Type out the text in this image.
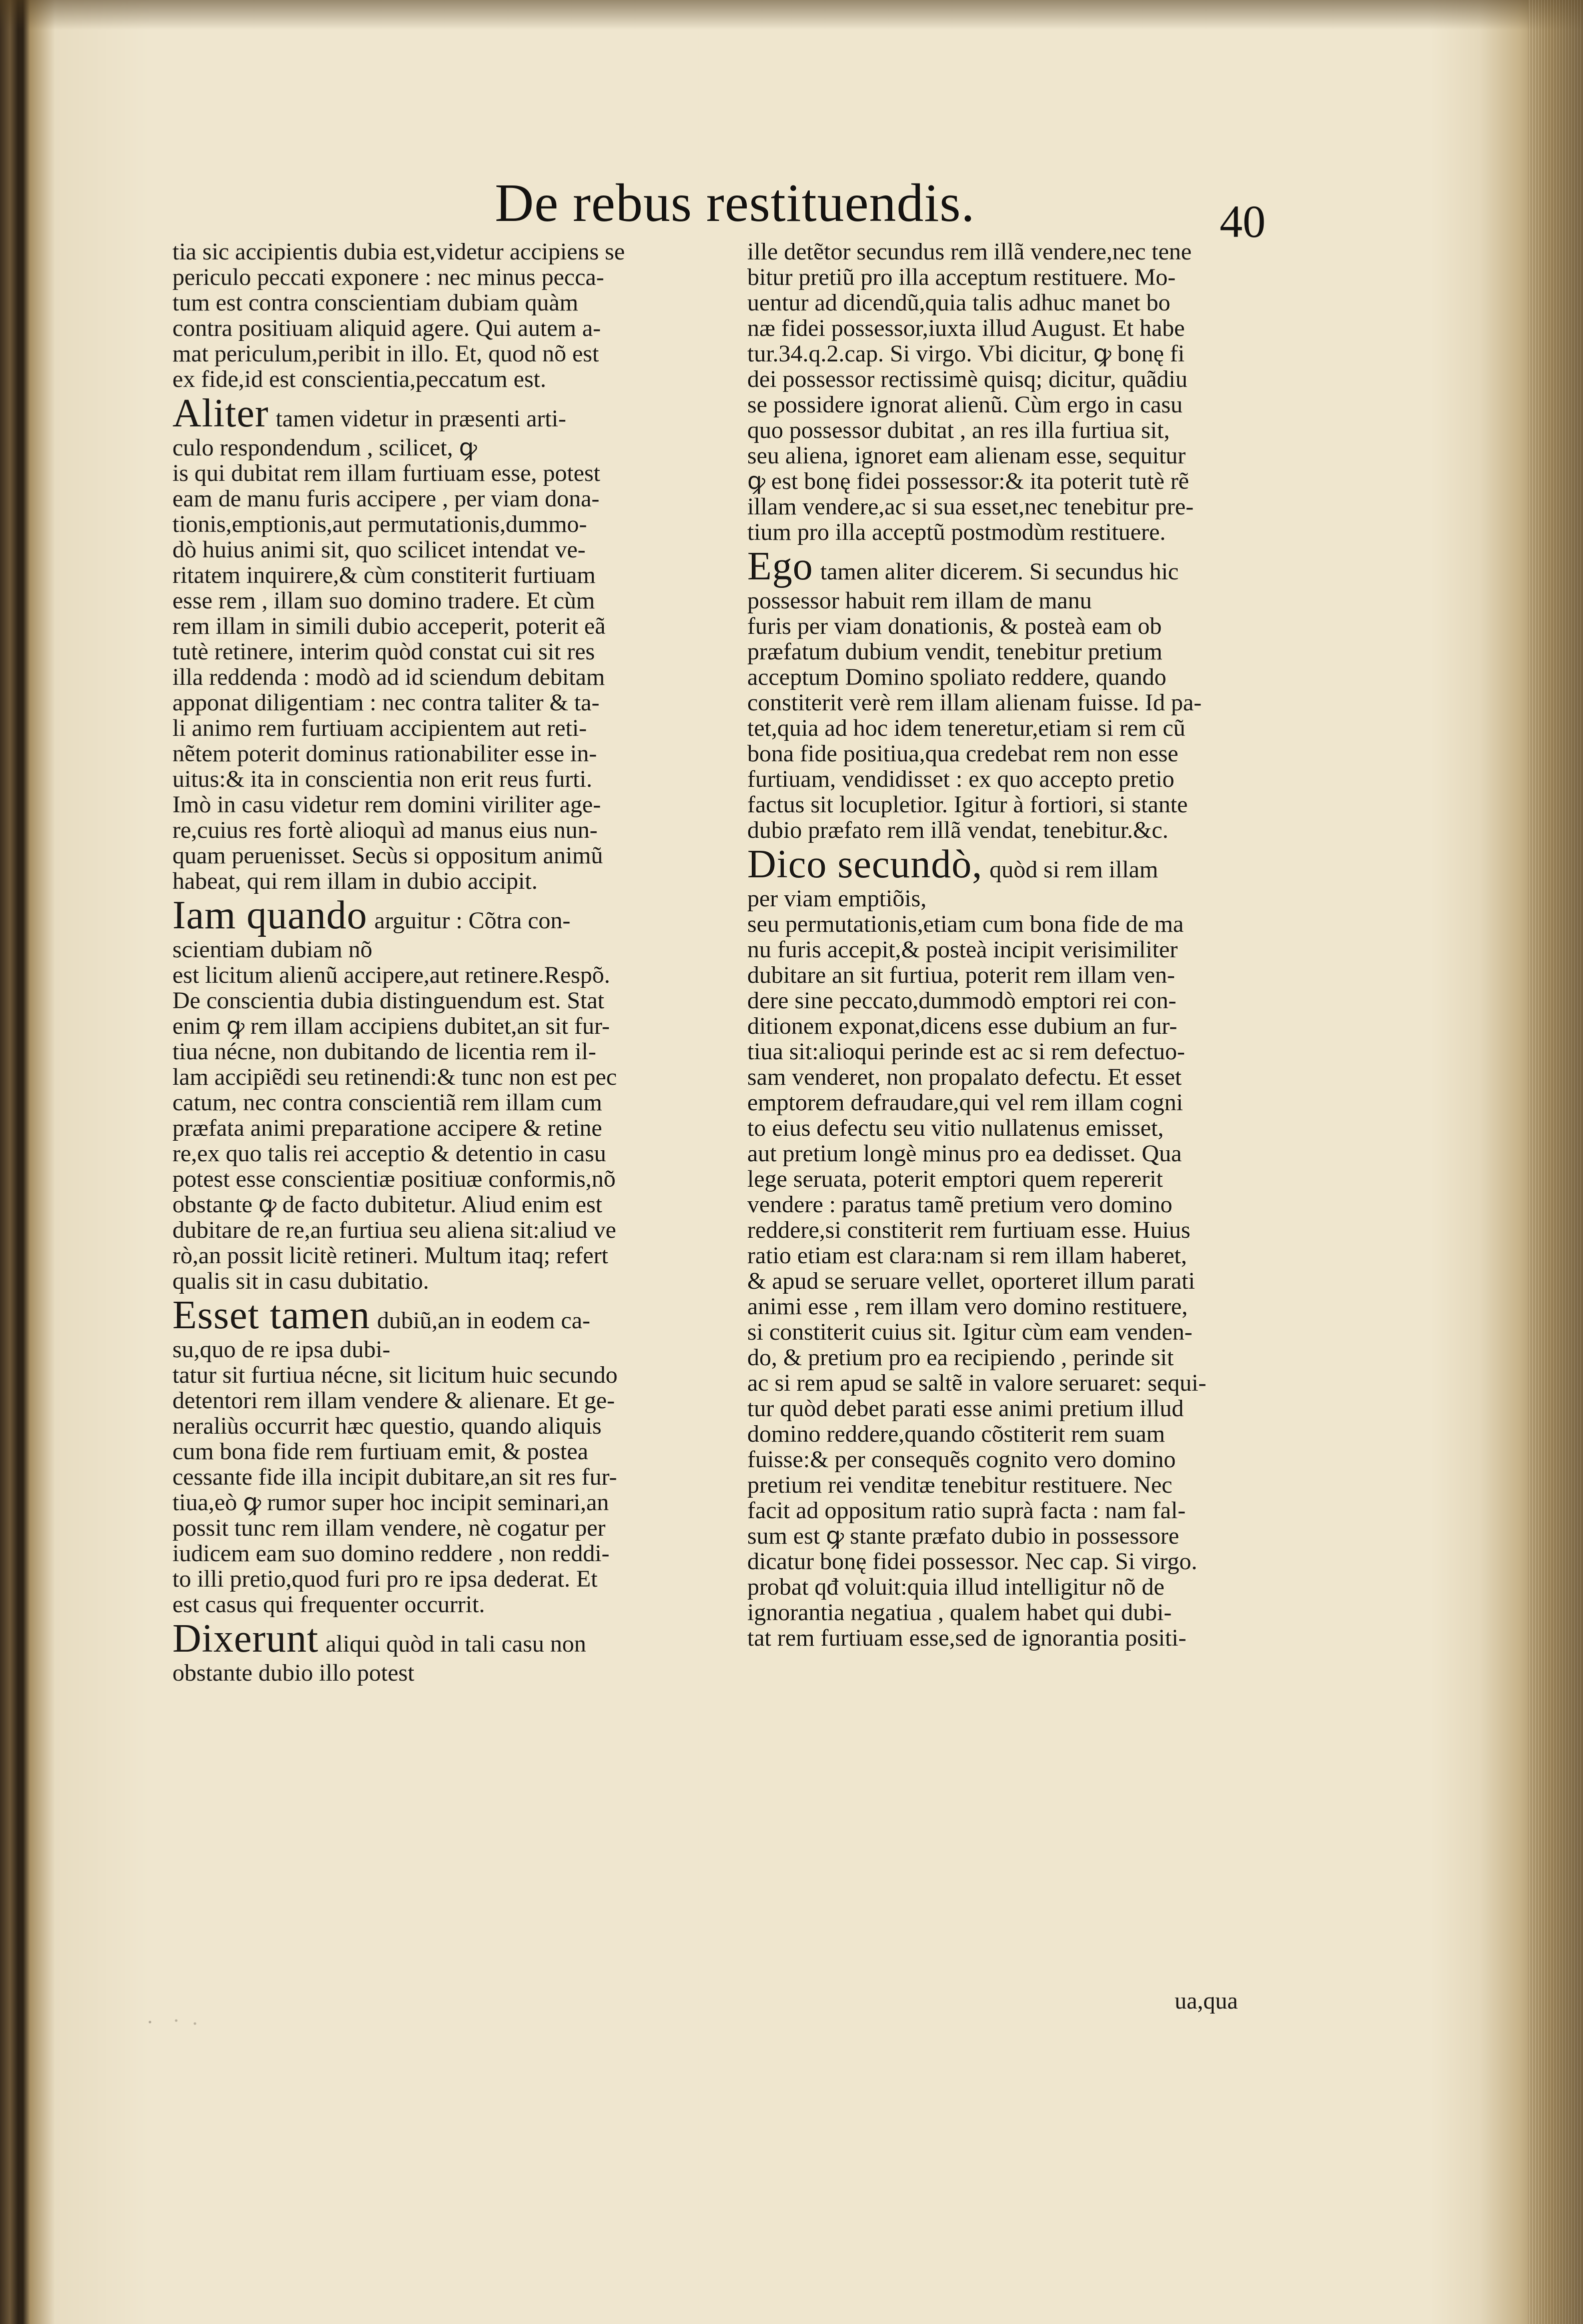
De rebus restituendis.	40
tia sic accipientis dubia est,videtur accipiens se
periculo peccati exponere : nec minus pecca-
tum est contra conscientiam dubiam quàm
contra positiuam aliquid agere. Qui autem a-
mat periculum,peribit in illo. Et, quod nõ est
ex fide,id est conscientia,peccatum est.
Aliter tamen videtur in præsenti arti-
culo respondendum , scilicet, ꝙ
is qui dubitat rem illam furtiuam esse, potest
eam de manu furis accipere , per viam dona-
tionis,emptionis,aut permutationis,dummo-
dò huius animi sit, quo scilicet intendat ve-
ritatem inquirere,& cùm constiterit furtiuam
esse rem , illam suo domino tradere. Et cùm
rem illam in simili dubio acceperit, poterit eã
tutè retinere, interim quòd constat cui sit res
illa reddenda : modò ad id sciendum debitam
apponat diligentiam : nec contra taliter & ta-
li animo rem furtiuam accipientem aut reti-
nẽtem poterit dominus rationabiliter esse in-
uitus:& ita in conscientia non erit reus furti.
Imò in casu videtur rem domini viriliter age-
re,cuius res fortè alioquì ad manus eius nun-
quam peruenisset. Secùs si oppositum animũ
habeat, qui rem illam in dubio accipit.
Iam quando arguitur : Cõtra con-
scientiam dubiam nõ
est licitum alienũ accipere,aut retinere.Respõ.
De conscientia dubia distinguendum est. Stat
enim ꝙ rem illam accipiens dubitet,an sit fur-
tiua nécne, non dubitando de licentia rem il-
lam accipiẽdi seu retinendi:& tunc non est pec
catum, nec contra conscientiã rem illam cum
præfata animi preparatione accipere & retine
re,ex quo talis rei acceptio & detentio in casu
potest esse conscientiæ positiuæ conformis,nõ
obstante ꝙ de facto dubitetur. Aliud enim est
dubitare de re,an furtiua seu aliena sit:aliud ve
rò,an possit licitè retineri. Multum itaq; refert
qualis sit in casu dubitatio.
Esset tamen dubiũ,an in eodem ca-
su,quo de re ipsa dubi-
tatur sit furtiua nécne, sit licitum huic secundo
detentori rem illam vendere & alienare. Et ge-
neraliùs occurrit hæc questio, quando aliquis
cum bona fide rem furtiuam emit, & postea
cessante fide illa incipit dubitare,an sit res fur-
tiua,eò ꝙ rumor super hoc incipit seminari,an
possit tunc rem illam vendere, nè cogatur per
iudicem eam suo domino reddere , non reddi-
to illi pretio,quod furi pro re ipsa dederat. Et
est casus qui frequenter occurrit.
Dixerunt aliqui quòd in tali casu non
obstante dubio illo potest
ille detẽtor secundus rem illã vendere,nec tene
bitur pretiũ pro illa acceptum restituere. Mo-
uentur ad dicendũ,quia talis adhuc manet bo
næ fidei possessor,iuxta illud August. Et habe
tur.34.q.2.cap. Si virgo. Vbi dicitur, ꝙ bonę fi
dei possessor rectissimè quisq; dicitur, quãdiu
se possidere ignorat alienũ. Cùm ergo in casu
quo possessor dubitat , an res illa furtiua sit,
seu aliena, ignoret eam alienam esse, sequitur
ꝙ est bonę fidei possessor:& ita poterit tutè rẽ
illam vendere,ac si sua esset,nec tenebitur pre-
tium pro illa acceptũ postmodùm restituere.
Ego tamen aliter dicerem. Si secundus hic
possessor habuit rem illam de manu
furis per viam donationis, & posteà eam ob
præfatum dubium vendit, tenebitur pretium
acceptum Domino spoliato reddere, quando
constiterit verè rem illam alienam fuisse. Id pa-
tet,quia ad hoc idem teneretur,etiam si rem cũ
bona fide positiua,qua credebat rem non esse
furtiuam, vendidisset : ex quo accepto pretio
factus sit locupletior. Igitur à fortiori, si stante
dubio præfato rem illã vendat, tenebitur.&c.
Dico secundò, quòd si rem illam
per viam emptiõis,
seu permutationis,etiam cum bona fide de ma
nu furis accepit,& posteà incipit verisimiliter
dubitare an sit furtiua, poterit rem illam ven-
dere sine peccato,dummodò emptori rei con-
ditionem exponat,dicens esse dubium an fur-
tiua sit:alioqui perinde est ac si rem defectuo-
sam venderet, non propalato defectu. Et esset
emptorem defraudare,qui vel rem illam cogni
to eius defectu seu vitio nullatenus emisset,
aut pretium longè minus pro ea dedisset. Qua
lege seruata, poterit emptori quem repererit
vendere : paratus tamẽ pretium vero domino
reddere,si constiterit rem furtiuam esse. Huius
ratio etiam est clara:nam si rem illam haberet,
& apud se seruare vellet, oporteret illum parati
animi esse , rem illam vero domino restituere,
si constiterit cuius sit. Igitur cùm eam venden-
do, & pretium pro ea recipiendo , perinde sit
ac si rem apud se saltẽ in valore seruaret: sequi-
tur quòd debet parati esse animi pretium illud
domino reddere,quando cõstiterit rem suam
fuisse:& per consequẽs cognito vero domino
pretium rei venditæ tenebitur restituere. Nec
facit ad oppositum ratio suprà facta : nam fal-
sum est ꝙ stante præfato dubio in possessore
dicatur bonę fidei possessor. Nec cap. Si virgo.
probat qđ voluit:quia illud intelligitur nõ de
ignorantia negatiua , qualem habet qui dubi-
tat rem furtiuam esse,sed de ignorantia positi-
ua,qua
